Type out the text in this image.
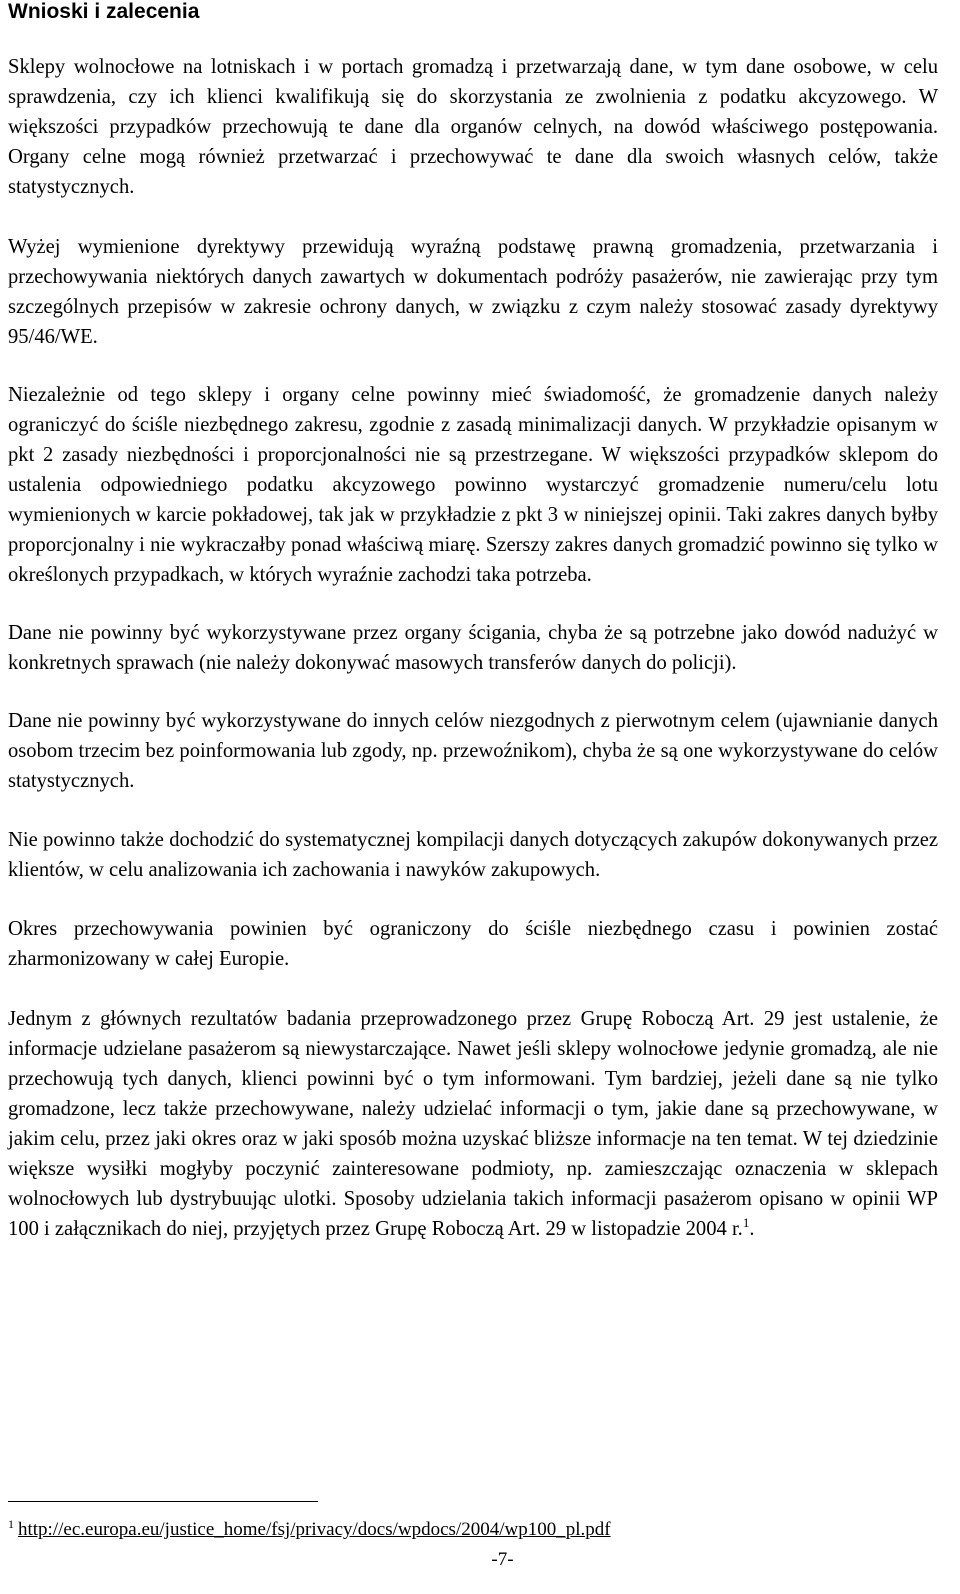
Wnioski i zalecenia

Sklepy wolnocłowe na lotniskach i w portach gromadzą i przetwarzają dane, w tym dane osobowe, w celu sprawdzenia, czy ich klienci kwalifikują się do skorzystania ze zwolnienia z podatku akcyzowego. W większości przypadków przechowują te dane dla organów celnych, na dowód właściwego postępowania. Organy celne mogą również przetwarzać i przechowywać te dane dla swoich własnych celów, także statystycznych.

Wyżej wymienione dyrektywy przewidują wyraźną podstawę prawną gromadzenia, przetwarzania i przechowywania niektórych danych zawartych w dokumentach podróży pasażerów, nie zawierając przy tym szczególnych przepisów w zakresie ochrony danych, w związku z czym należy stosować zasady dyrektywy 95/46/WE.

Niezależnie od tego sklepy i organy celne powinny mieć świadomość, że gromadzenie danych należy ograniczyć do ściśle niezbędnego zakresu, zgodnie z zasadą minimalizacji danych. W przykładzie opisanym w pkt 2 zasady niezbędności i proporcjonalności nie są przestrzegane. W większości przypadków sklepom do ustalenia odpowiedniego podatku akcyzowego powinno wystarczyć gromadzenie numeru/celu lotu wymienionych w karcie pokładowej, tak jak w przykładzie z pkt 3 w niniejszej opinii. Taki zakres danych byłby proporcjonalny i nie wykraczałby ponad właściwą miarę. Szerszy zakres danych gromadzić powinno się tylko w określonych przypadkach, w których wyraźnie zachodzi taka potrzeba.

Dane nie powinny być wykorzystywane przez organy ścigania, chyba że są potrzebne jako dowód nadużyć w konkretnych sprawach (nie należy dokonywać masowych transferów danych do policji).

Dane nie powinny być wykorzystywane do innych celów niezgodnych z pierwotnym celem (ujawnianie danych osobom trzecim bez poinformowania lub zgody, np. przewoźnikom), chyba że są one wykorzystywane do celów statystycznych.

Nie powinno także dochodzić do systematycznej kompilacji danych dotyczących zakupów dokonywanych przez klientów, w celu analizowania ich zachowania i nawyków zakupowych.

Okres przechowywania powinien być ograniczony do ściśle niezbędnego czasu i powinien zostać zharmonizowany w całej Europie.

Jednym z głównych rezultatów badania przeprowadzonego przez Grupę Roboczą Art. 29 jest ustalenie, że informacje udzielane pasażerom są niewystarczające. Nawet jeśli sklepy wolnocłowe jedynie gromadzą, ale nie przechowują tych danych, klienci powinni być o tym informowani. Tym bardziej, jeżeli dane są nie tylko gromadzone, lecz także przechowywane, należy udzielać informacji o tym, jakie dane są przechowywane, w jakim celu, przez jaki okres oraz w jaki sposób można uzyskać bliższe informacje na ten temat. W tej dziedzinie większe wysiłki mogłyby poczynić zainteresowane podmioty, np. zamieszczając oznaczenia w sklepach wolnocłowych lub dystrybuując ulotki. Sposoby udzielania takich informacji pasażerom opisano w opinii WP 100 i załącznikach do niej, przyjętych przez Grupę Roboczą Art. 29 w listopadzie 2004 r.$^1$.

$^1$ http://ec.europa.eu/justice_home/fsj/privacy/docs/wpdocs/2004/wp100_pl.pdf
-7-
